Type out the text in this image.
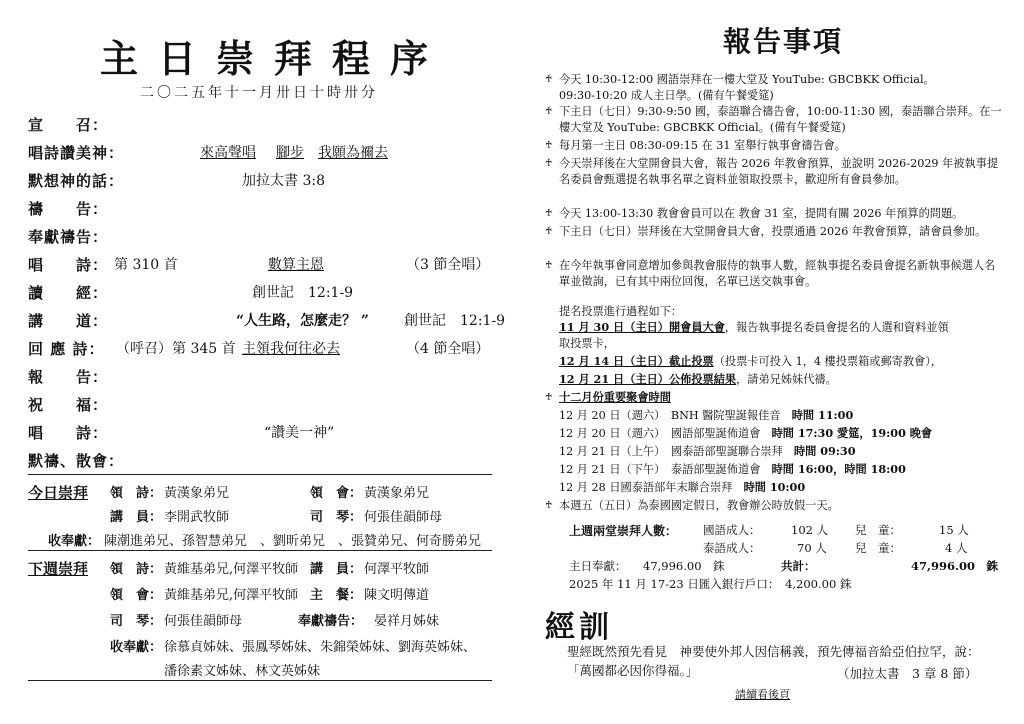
主日崇拜程序
二〇二五年十一月卅日十時卅分
宣　　召：
唱詩讚美神：	來高聲唱 腳步 我願為禰去
默想神的話：	加拉太書 3:8
禱　　告：
奉獻禱告：
唱　　詩： 第 310 首	數算主恩	（3 節全唱）
讀　　經：	創世記　12:1-9
講　　道：	“人生路，怎麼走？ ”	創世記　12:1-9
回 應 詩： （呼召）第 345 首 主領我何往必去	（4 節全唱）
報　　告：
祝　　福：
唱　　詩：	“讚美一神”
默禱、散會：
今日崇拜 領　詩： 黃漢象弟兄	領　會： 黃漢象弟兄
講　員： 李開武牧師	司　琴： 何張佳韻師母
收奉獻： 陳潮進弟兄、孫智慧弟兄　、劉昕弟兄　、張贊弟兄、何奇勝弟兄
下週崇拜 領　詩： 黃維基弟兄,何澤平牧師 講　員： 何澤平牧師
領　會： 黃維基弟兄,何澤平牧師 主　餐： 陳文明傳道
司　琴： 何張佳韻師母	奉獻禱告： 晏祥月姊妹
收奉獻： 徐慕貞姊妹、張鳳琴姊妹、朱錦榮姊妹、劉海英姊妹、
潘徐素文姊妹、林文英姊妹
報告事項
♰ 今天 10:30-12:00 國語崇拜在一樓大堂及 YouTube: GBCBKK Official。
09:30-10:20 成人主日學。(備有午餐愛筵)
♰ 下主日（七日）9:30-9:50 國，泰語聯合禱告會，10:00-11:30 國，泰語聯合崇拜。在一樓大堂及 YouTube: GBCBKK Official。(備有午餐愛筵)
♰ 每月第一主日 08:30-09:15 在 31 室舉行執事會禱告會。
♰ 今天崇拜後在大堂開會員大會，報告 2026 年教會預算，並說明 2026-2029 年被執事提名委員會甄選提名執事名單之資料並領取投票卡，歡迎所有會員參加。
♰ 今天 13:00-13:30 教會會員可以在 教會 31 室，提問有關 2026 年預算的問題。
♰ 下主日（七日）崇拜後在大堂開會員大會，投票通過 2026 年教會預算，請會員參加。
♰ 在今年執事會同意增加參與教會服侍的執事人數，經執事提名委員會提名新執事候選人名單並徵詢，已有其中兩位回復，名單已送交執事會。
提名投票進行過程如下：
11 月 30 日（主日）開會員大會，報告執事提名委員會提名的人選和資料並領
取投票卡，
12 月 14 日（主日）截止投票（投票卡可投入 1，4 樓投票箱或郵寄教會），
12 月 21 日（主日）公佈投票結果，請弟兄姊妹代禱。
♰ 十二月份重要聚會時間
12 月 20 日（週六）　 BNH 醫院聖誕報佳音　 時間 11:00
12 月 20 日（週六）　 國語部聖誕佈道會　 時間 17:30 愛筵，19:00 晚會
12 月 21 日（上午）　 國泰語部聖誕聯合崇拜　 時間 09:30
12 月 21 日（下午）　 泰語部聖誕佈道會　 時間 16:00，時間 18:00
12 月 28 日國泰語部年末聯合崇拜　 時間 10:00
♰ 本週五（五日）為泰國國定假日，教會辦公時放假一天。
上週兩堂崇拜人數： 國語成人：	102 人 兒　童：	15 人
泰語成人：	70 人 兒　童：	4 人
主日奉獻： 47,996.00　銖	共計：	47,996.00　銖
2025 年 11 月 17-23 日匯入銀行戶口：　4,200.00 銖
經訓
聖經既然預先看見　神要使外邦人因信稱義，預先傳福音給亞伯拉罕，說：「萬國都必因你得福。」	（加拉太書　3 章 8 節）
請續看後頁
